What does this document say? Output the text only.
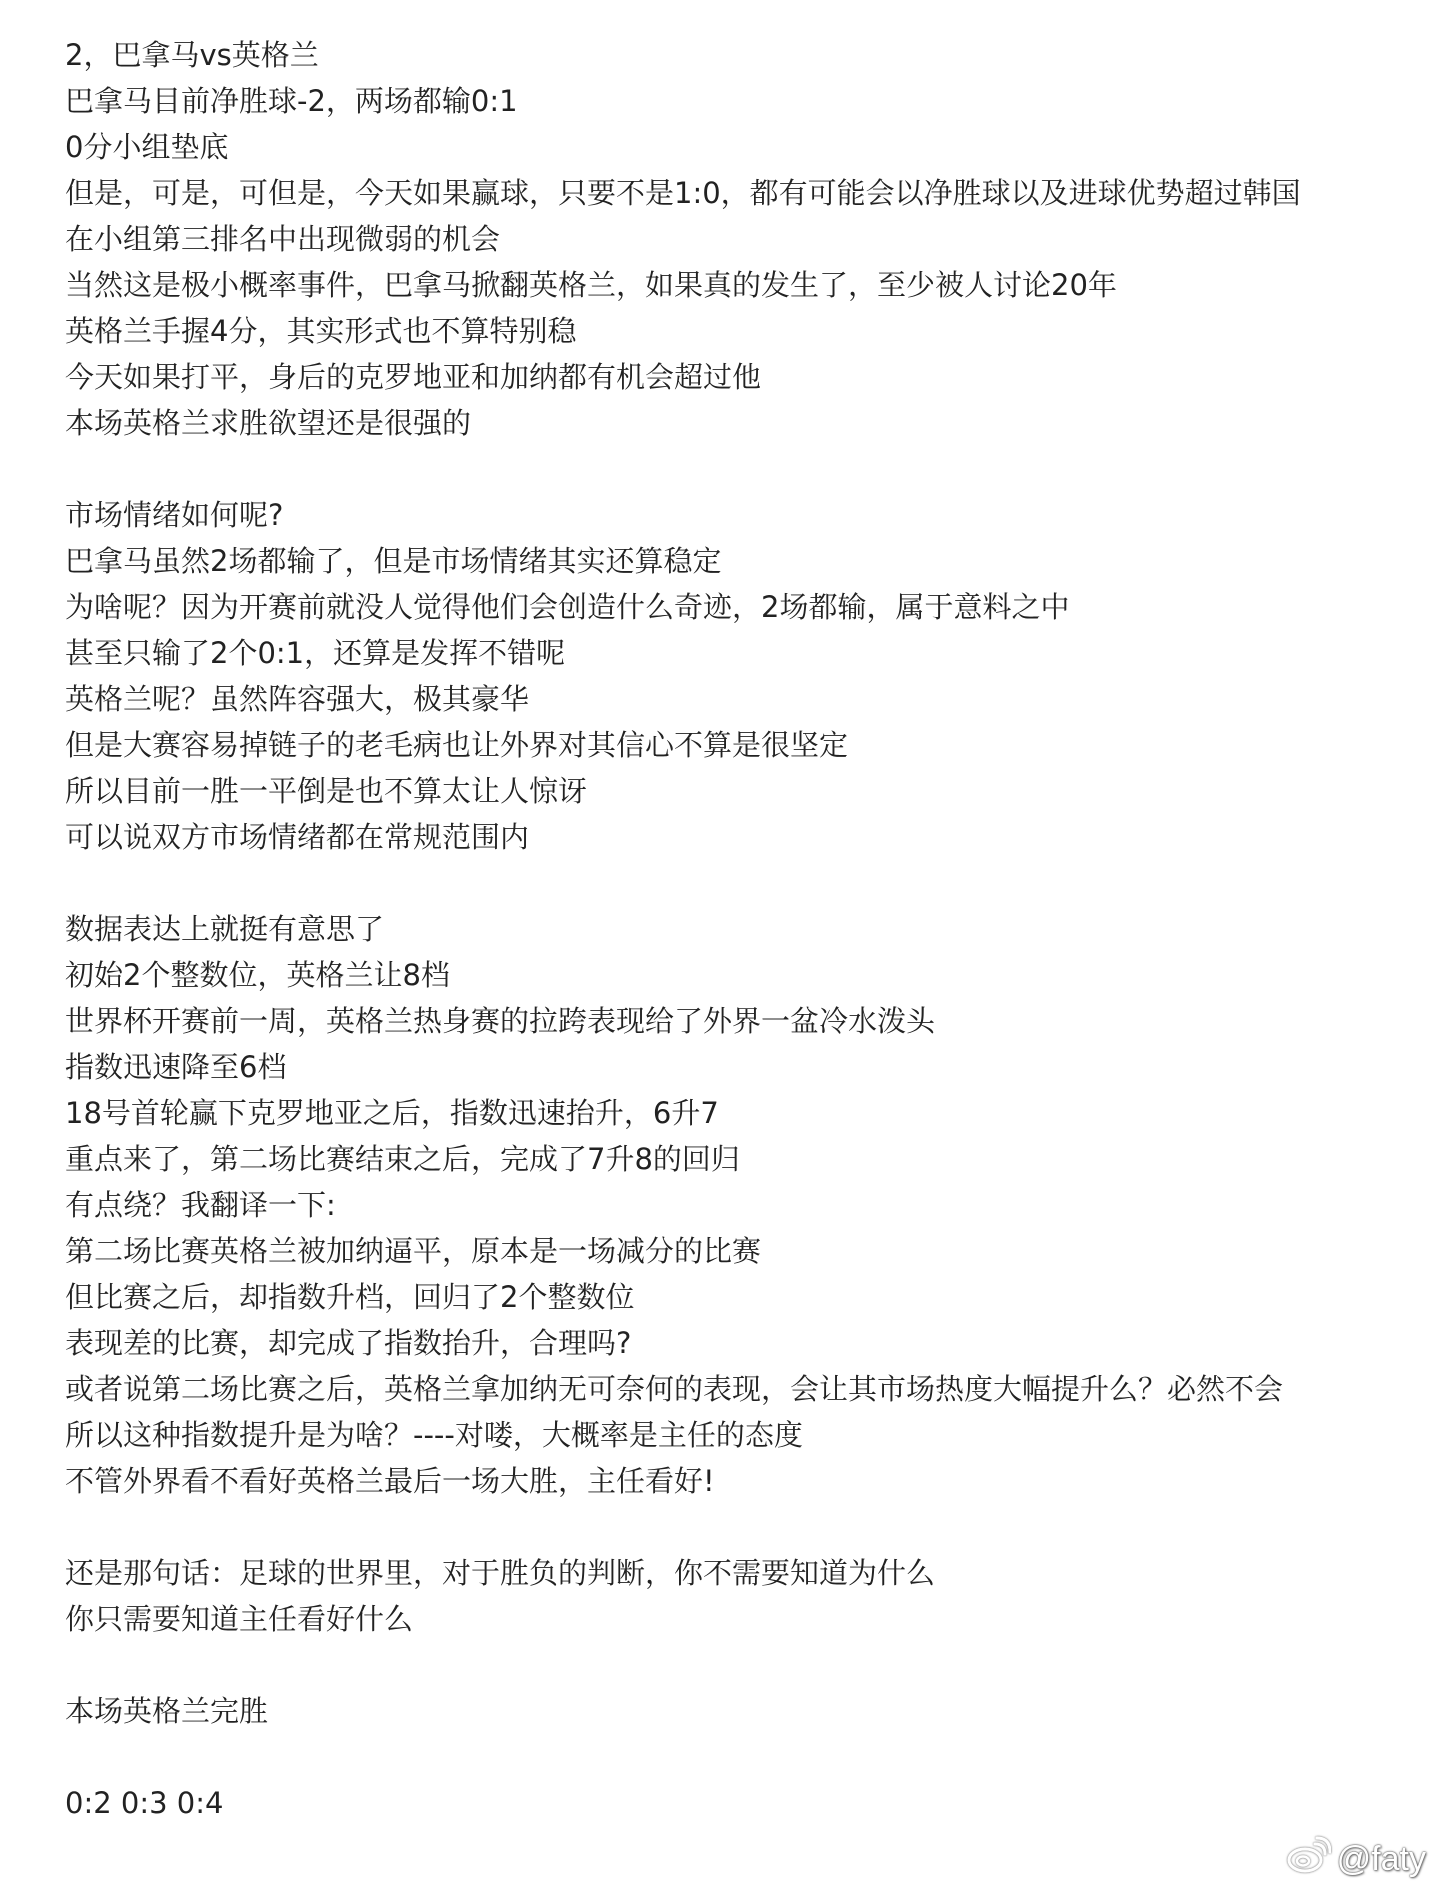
2，巴拿马vs英格兰
巴拿马目前净胜球-2，两场都输0:1
0分小组垫底
但是，可是，可但是，今天如果赢球，只要不是1:0，都有可能会以净胜球以及进球优势超过韩国
在小组第三排名中出现微弱的机会
当然这是极小概率事件，巴拿马掀翻英格兰，如果真的发生了，至少被人讨论20年
英格兰手握4分，其实形式也不算特别稳
今天如果打平，身后的克罗地亚和加纳都有机会超过他
本场英格兰求胜欲望还是很强的
市场情绪如何呢?
巴拿马虽然2场都输了，但是市场情绪其实还算稳定
为啥呢？因为开赛前就没人觉得他们会创造什么奇迹，2场都输，属于意料之中
甚至只输了2个0:1，还算是发挥不错呢
英格兰呢？虽然阵容强大，极其豪华
但是大赛容易掉链子的老毛病也让外界对其信心不算是很坚定
所以目前一胜一平倒是也不算太让人惊讶
可以说双方市场情绪都在常规范围内
数据表达上就挺有意思了
初始2个整数位，英格兰让8档
世界杯开赛前一周，英格兰热身赛的拉跨表现给了外界一盆冷水泼头
指数迅速降至6档
18号首轮赢下克罗地亚之后，指数迅速抬升，6升7
重点来了，第二场比赛结束之后，完成了7升8的回归
有点绕？我翻译一下:
第二场比赛英格兰被加纳逼平，原本是一场减分的比赛
但比赛之后，却指数升档，回归了2个整数位
表现差的比赛，却完成了指数抬升，合理吗?
或者说第二场比赛之后，英格兰拿加纳无可奈何的表现，会让其市场热度大幅提升么？必然不会
所以这种指数提升是为啥？----对喽，大概率是主任的态度
不管外界看不看好英格兰最后一场大胜，主任看好!
还是那句话：足球的世界里，对于胜负的判断，你不需要知道为什么
你只需要知道主任看好什么
本场英格兰完胜
0:2 0:3 0:4
@faty
